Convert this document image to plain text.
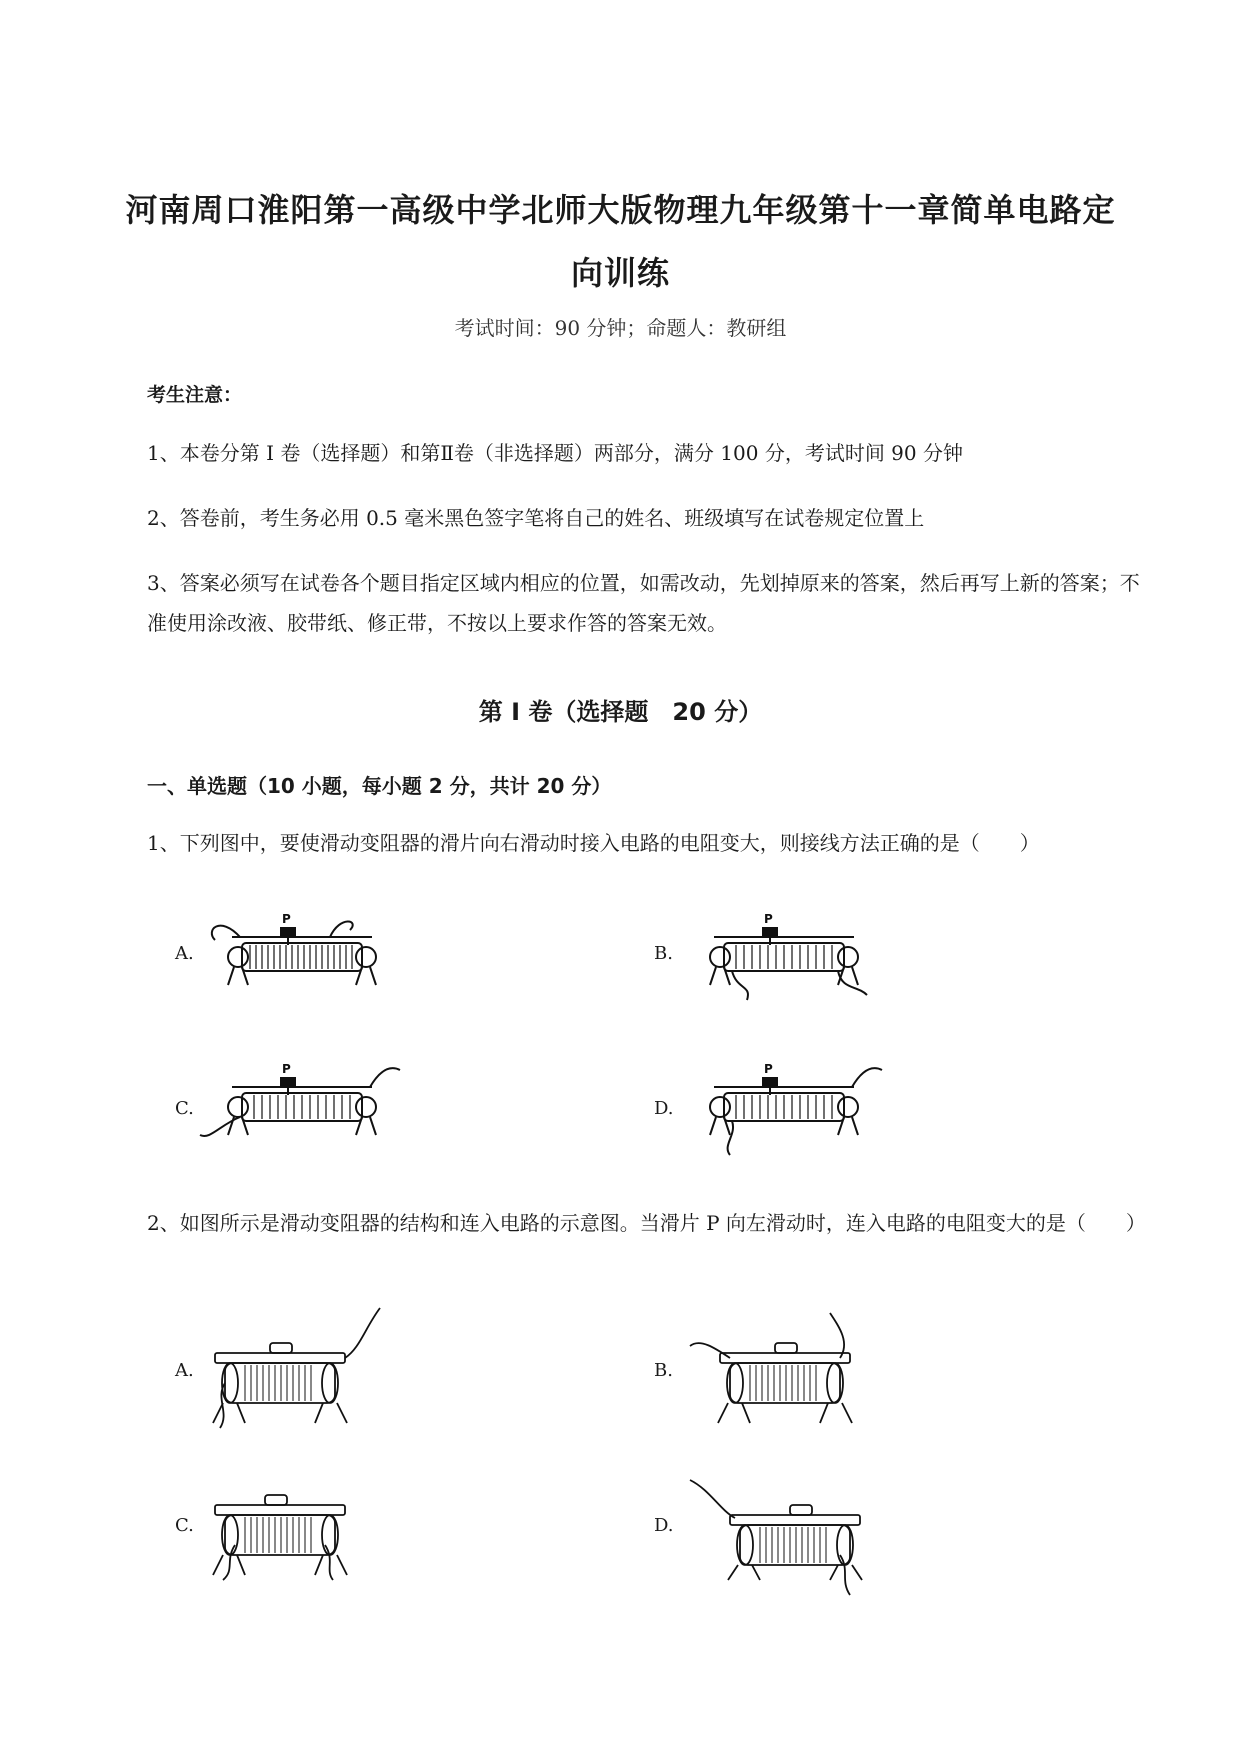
河南周口淮阳第一高级中学北师大版物理九年级第十一章简单电路定
向训练
考试时间：90 分钟；命题人：教研组
考生注意：
1、本卷分第 I 卷（选择题）和第Ⅱ卷（非选择题）两部分，满分 100 分，考试时间 90 分钟
2、答卷前，考生务必用 0.5 毫米黑色签字笔将自己的姓名、班级填写在试卷规定位置上
3、答案必须写在试卷各个题目指定区域内相应的位置，如需改动，先划掉原来的答案，然后再写上新的答案；不准使用涂改液、胶带纸、修正带，不按以上要求作答的答案无效。
第 I 卷（选择题　20 分）
一、单选题（10 小题，每小题 2 分，共计 20 分）
1、下列图中，要使滑动变阻器的滑片向右滑动时接入电路的电阻变大，则接线方法正确的是（　　）
A.	B.
C.	D.
P	P
P	P
2、如图所示是滑动变阻器的结构和连入电路的示意图。当滑片 P 向左滑动时，连入电路的电阻变大的是（　　）
A.	B.
C.	D.
